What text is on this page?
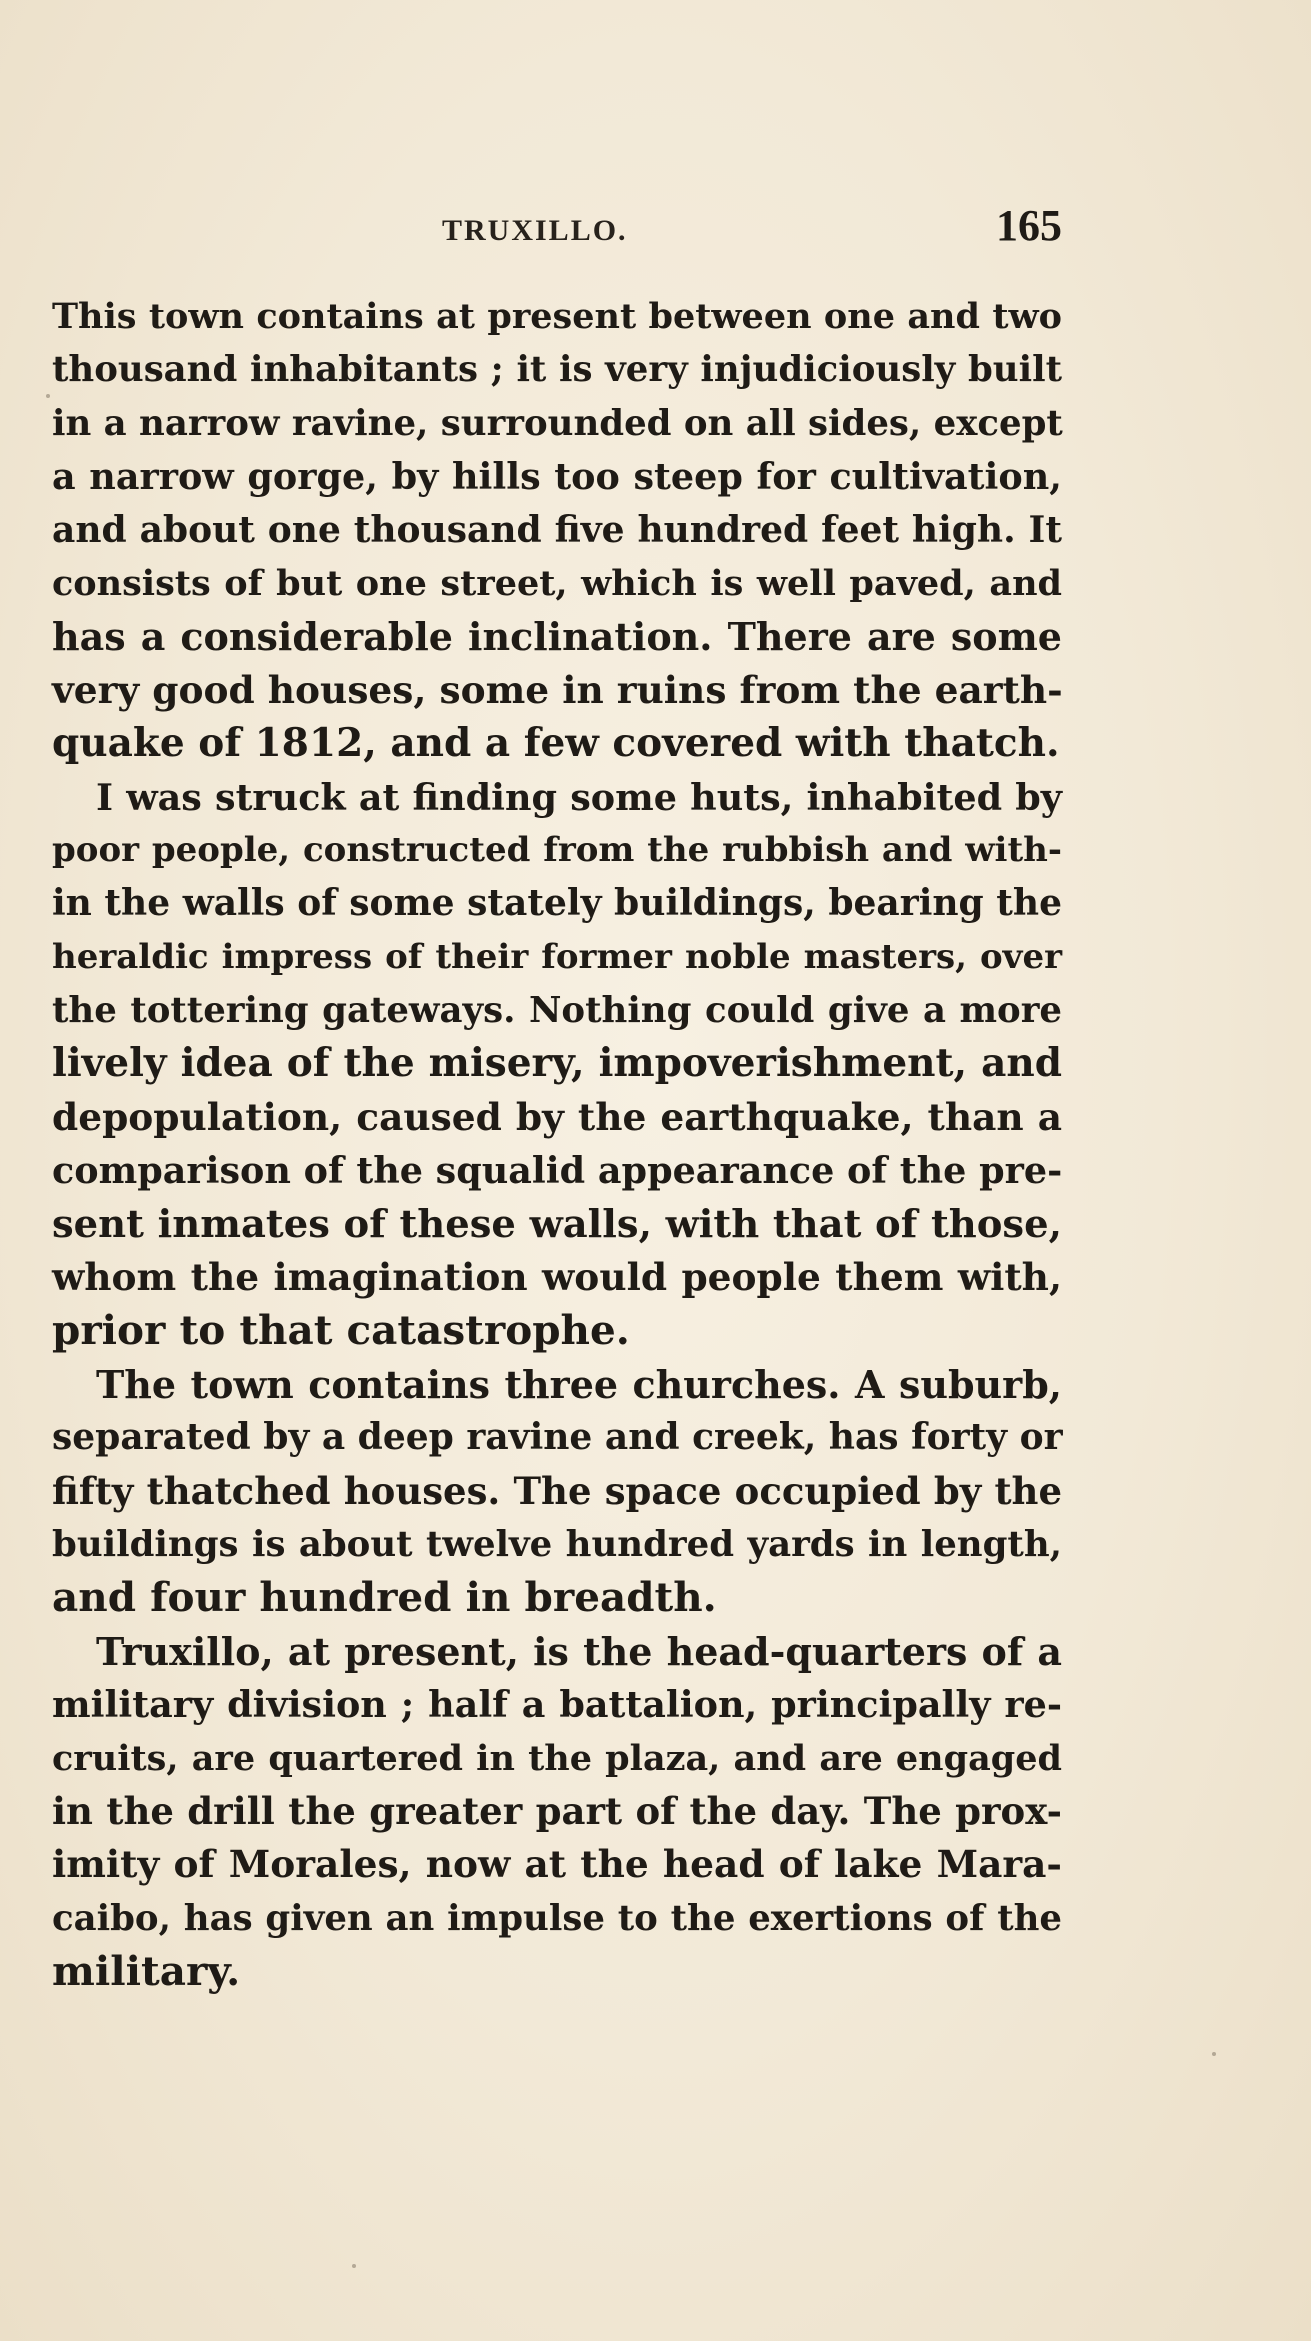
TRUXILLO.	165
This town contains at present between one and two
thousand inhabitants ; it is very injudiciously built
in a narrow ravine, surrounded on all sides, except
a narrow gorge, by hills too steep for cultivation,
and about one thousand five hundred feet high. It
consists of but one street, which is well paved, and
has a considerable inclination. There are some
very good houses, some in ruins from the earth-
quake of 1812, and a few covered with thatch.
I was struck at finding some huts, inhabited by
poor people, constructed from the rubbish and with-
in the walls of some stately buildings, bearing the
heraldic impress of their former noble masters, over
the tottering gateways. Nothing could give a more
lively idea of the misery, impoverishment, and
depopulation, caused by the earthquake, than a
comparison of the squalid appearance of the pre-
sent inmates of these walls, with that of those,
whom the imagination would people them with,
prior to that catastrophe.
The town contains three churches. A suburb,
separated by a deep ravine and creek, has forty or
fifty thatched houses. The space occupied by the
buildings is about twelve hundred yards in length,
and four hundred in breadth.
Truxillo, at present, is the head-quarters of a
military division ; half a battalion, principally re-
cruits, are quartered in the plaza, and are engaged
in the drill the greater part of the day. The prox-
imity of Morales, now at the head of lake Mara-
caibo, has given an impulse to the exertions of the
military.
